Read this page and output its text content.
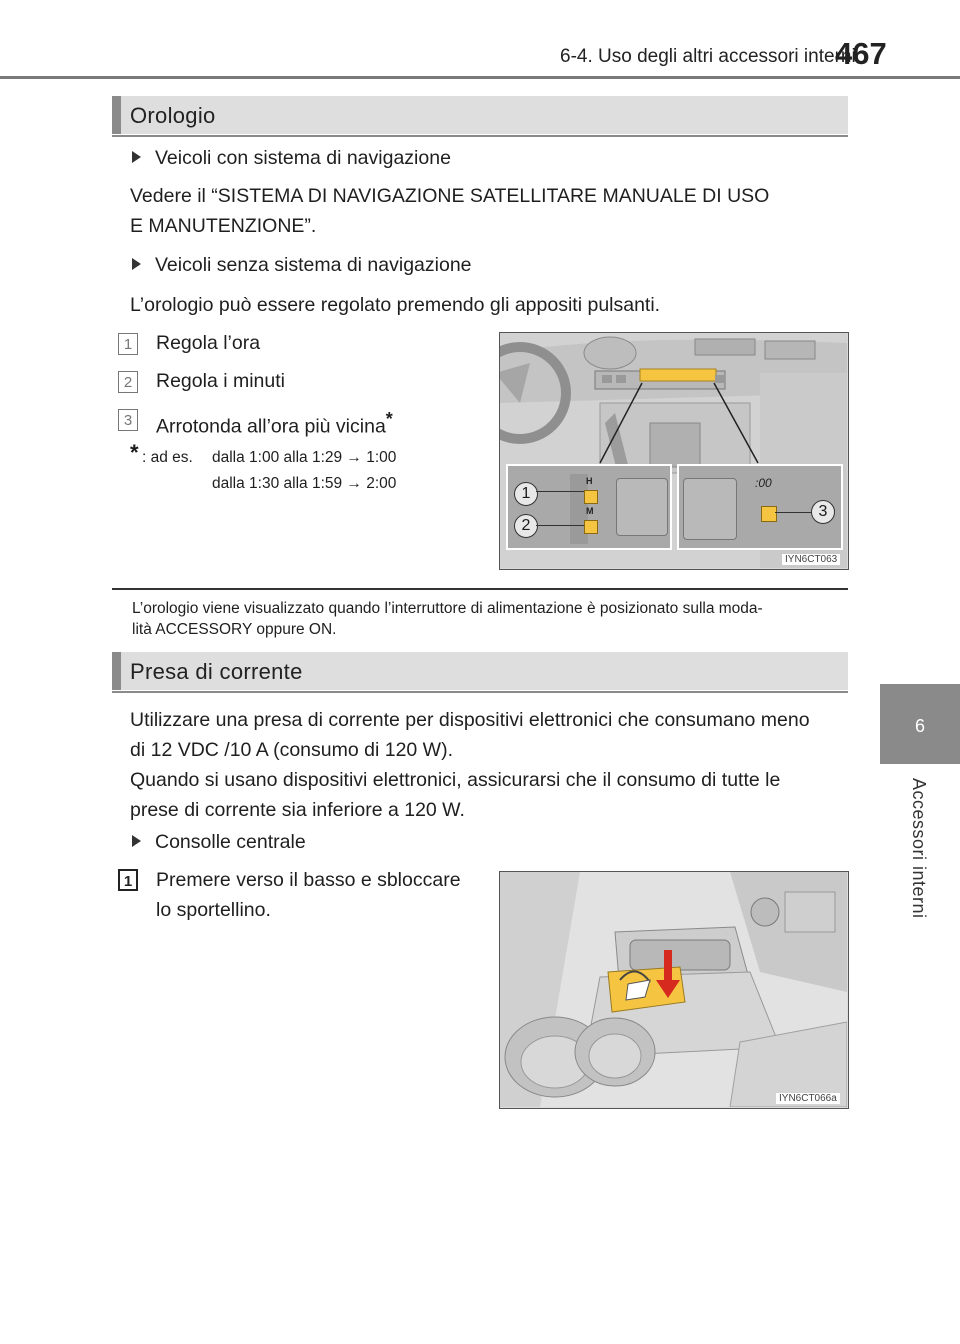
6-4. Uso degli altri accessori interni
467
6
Accessori interni
Orologio
Veicoli con sistema di navigazione
Vedere il “SISTEMA DI NAVIGAZIONE SATELLITARE MANUALE DI USO
E MANUTENZIONE”.
Veicoli senza sistema di navigazione
L’orologio può essere regolato premendo gli appositi pulsanti.
1 Regola l’ora
2 Regola i minuti
3 Arrotonda all’ora più vicina*
* : ad es. dalla 1:00 alla 1:29 → 1:00
dalla 1:30 alla 1:59 → 2:00	H
M
1
2
:00
3
IYN6CT063
L’orologio viene visualizzato quando l’interruttore di alimentazione è posizionato sulla moda-
lità ACCESSORY oppure ON.
Presa di corrente
Utilizzare una presa di corrente per dispositivi elettronici che consumano meno
di 12 VDC /10 A (consumo di 120 W).
Quando si usano dispositivi elettronici, assicurarsi che il consumo di tutte le
prese di corrente sia inferiore a 120 W.
Consolle centrale
1 Premere verso il basso e sbloccare
lo sportellino.
IYN6CT066a
